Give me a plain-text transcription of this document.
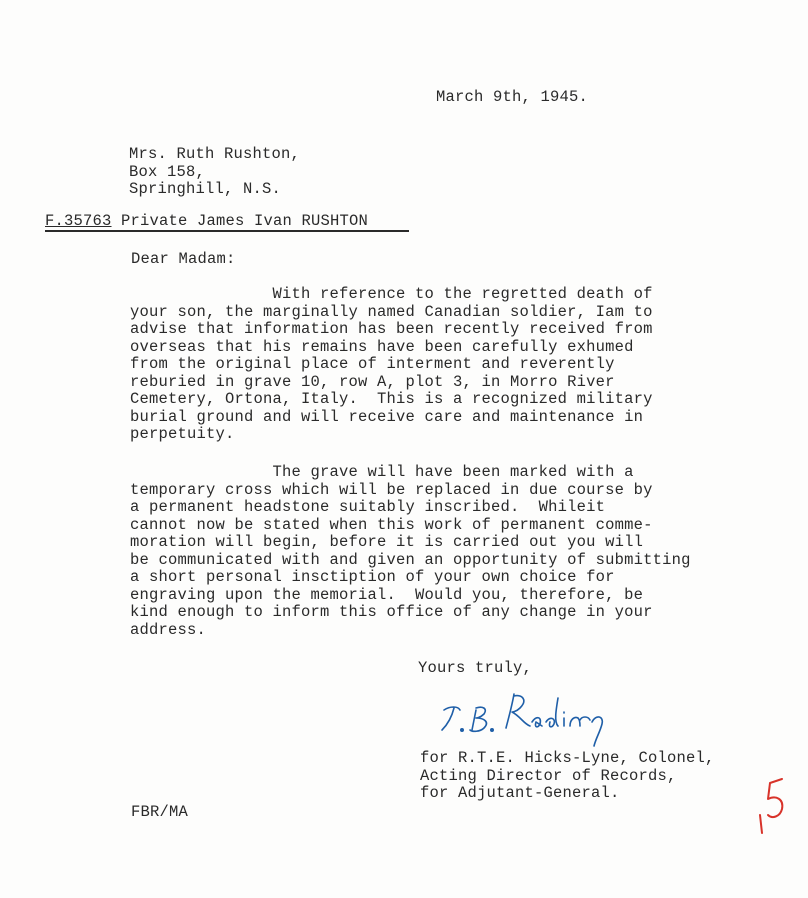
March 9th, 1945.
Mrs. Ruth Rushton,
Box 158,
Springhill, N.S.
F.35763 Private James Ivan RUSHTON
Dear Madam:
With reference to the regretted death of
your son, the marginally named Canadian soldier, Iam to
advise that information has been recently received from
overseas that his remains have been carefully exhumed
from the original place of interment and reverently
reburied in grave 10, row A, plot 3, in Morro River
Cemetery, Ortona, Italy.  This is a recognized military
burial ground and will receive care and maintenance in
perpetuity.
The grave will have been marked with a
temporary cross which will be replaced in due course by
a permanent headstone suitably inscribed.  Whileit
cannot now be stated when this work of permanent comme-
moration will begin, before it is carried out you will
be communicated with and given an opportunity of submitting
a short personal insctiption of your own choice for
engraving upon the memorial.  Would you, therefore, be
kind enough to inform this office of any change in your
address.
Yours truly,
for R.T.E. Hicks-Lyne, Colonel,
Acting Director of Records,
for Adjutant-General.
FBR/MA
